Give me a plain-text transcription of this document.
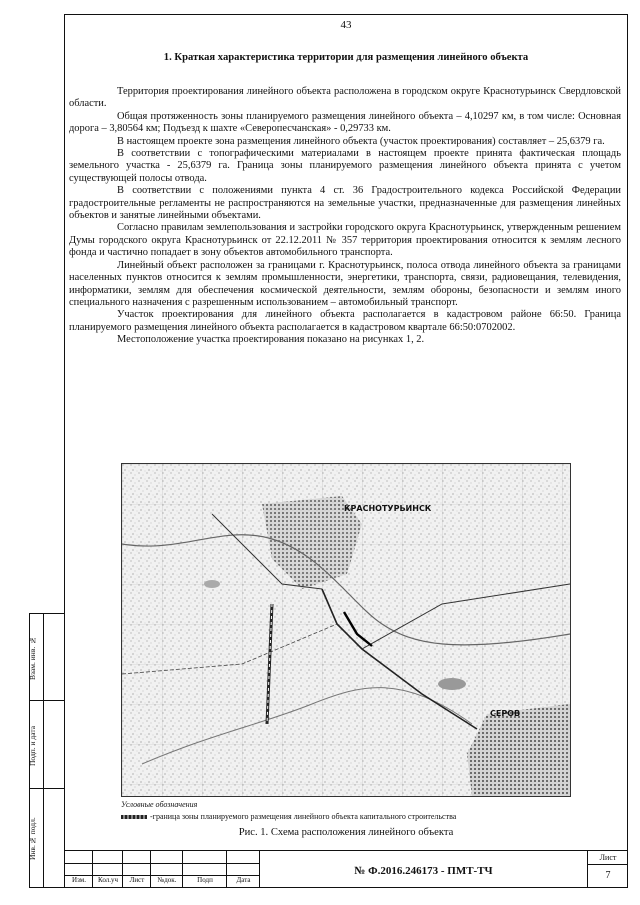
Взам. инв. №
Подп. и дата
Инв.№ подл.
43
1. Краткая характеристика территории для размещения линейного объекта

Территория проектирования линейного объекта расположена в городском округе Краснотурьинск Свердловской области.

Общая протяженность зоны планируемого размещения линейного объекта – 4,10297 км, в том числе: Основная дорога – 3,80564 км; Подъезд к шахте «Северопесчанская» - 0,29733 км.

В настоящем проекте зона размещения линейного объекта (участок проектирования) составляет – 25,6379 га.

В соответствии с топографическими материалами в настоящем проекте принята фактическая площадь земельного участка - 25,6379 га. Граница зоны планируемого размещения линейного объекта принята с учетом существующей полосы отвода.

В соответствии с положениями пункта 4 ст. 36 Градостроительного кодекса Российской Федерации градостроительные регламенты не распространяются на земельные участки, предназначенные для размещения линейных объектов и занятые линейными объектами.

Согласно правилам землепользования и застройки городского округа Краснотурьинск, утвержденным решением Думы городского округа Краснотурьинск от 22.12.2011 № 357 территория проектирования относится к землям лесного фонда и частично попадает в зону объектов автомобильного транспорта.

Линейный объект расположен за границами г. Краснотурьинск, полоса отвода линейного объекта за границами населенных пунктов относится к землям промышленности, энергетики, транспорта, связи, радиовещания, телевидения, информатики, землям для обеспечения космической деятельности, землям обороны, безопасности и землям иного специального назначения с разрешенным использованием – автомобильный транспорт.

Участок проектирования для линейного объекта располагается в кадастровом районе 66:50. Граница планируемого размещения линейного объекта располагается в кадастровом квартале 66:50:0702002.

Местоположение участка проектирования показано на рисунках 1, 2.

КРАСНОТУРЬИНСК
СЕРОВ
Условные обозначения
-граница зоны планируемого размещения линейного объекта капитального строительства
Рис. 1. Схема расположения линейного объекта
Изм.	Кол.уч	Лист	№док.	Подп	Дата
№ Ф.2016.246173 - ПМТ-ТЧ
Лист
7
